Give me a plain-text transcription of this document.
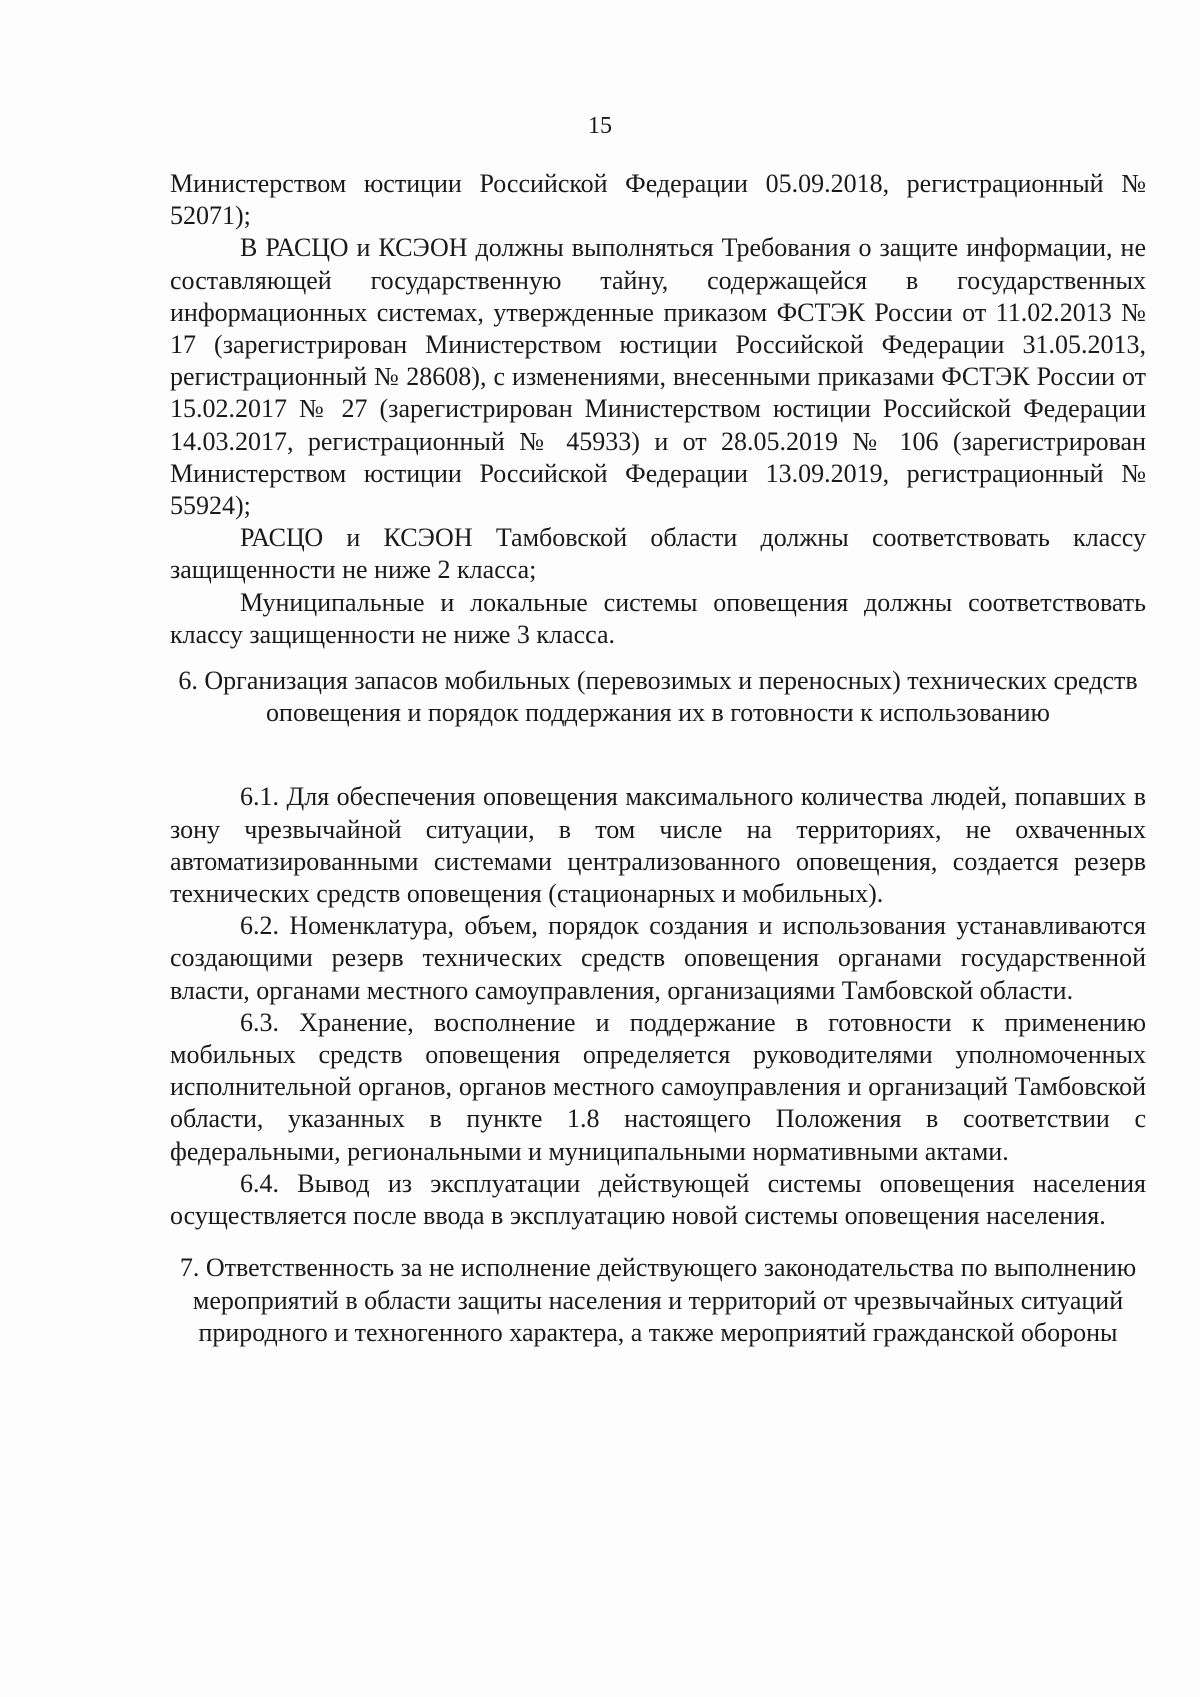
15

Министерством юстиции Российской Федерации 05.09.2018, регистрационный № 52071);

В РАСЦО и КСЭОН должны выполняться Требования о защите информации, не составляющей государственную тайну, содержащейся в государственных информационных системах, утвержденные приказом ФСТЭК России от 11.02.2013 № 17 (зарегистрирован Министерством юстиции Российской Федерации 31.05.2013, регистрационный № 28608), с изменениями, внесенными приказами ФСТЭК России от 15.02.2017 № 27 (зарегистрирован Министерством юстиции Российской Федерации 14.03.2017, регистрационный № 45933) и от 28.05.2019 № 106 (зарегистрирован Министерством юстиции Российской Федерации 13.09.2019, регистрационный № 55924);

РАСЦО и КСЭОН Тамбовской области должны соответствовать классу защищенности не ниже 2 класса;

Муниципальные и локальные системы оповещения должны соответствовать классу защищенности не ниже 3 класса.

6. Организация запасов мобильных (перевозимых и переносных) технических средств оповещения и порядок поддержания их в готовности к использованию

6.1. Для обеспечения оповещения максимального количества людей, попавших в зону чрезвычайной ситуации, в том числе на территориях, не охваченных автоматизированными системами централизованного оповещения, создается резерв технических средств оповещения (стационарных и мобильных).

6.2. Номенклатура, объем, порядок создания и использования устанавливаются создающими резерв технических средств оповещения органами государственной власти, органами местного самоуправления, организациями Тамбовской области.

6.3. Хранение, восполнение и поддержание в готовности к применению мобильных средств оповещения определяется руководителями уполномоченных исполнительной органов, органов местного самоуправления и организаций Тамбовской области, указанных в пункте 1.8 настоящего Положения в соответствии с федеральными, региональными и муниципальными нормативными актами.

6.4. Вывод из эксплуатации действующей системы оповещения населения осуществляется после ввода в эксплуатацию новой системы оповещения населения.

7. Ответственность за не исполнение действующего законодательства по выполнению мероприятий в области защиты населения и территорий от чрезвычайных ситуаций природного и техногенного характера, а также мероприятий гражданской обороны
